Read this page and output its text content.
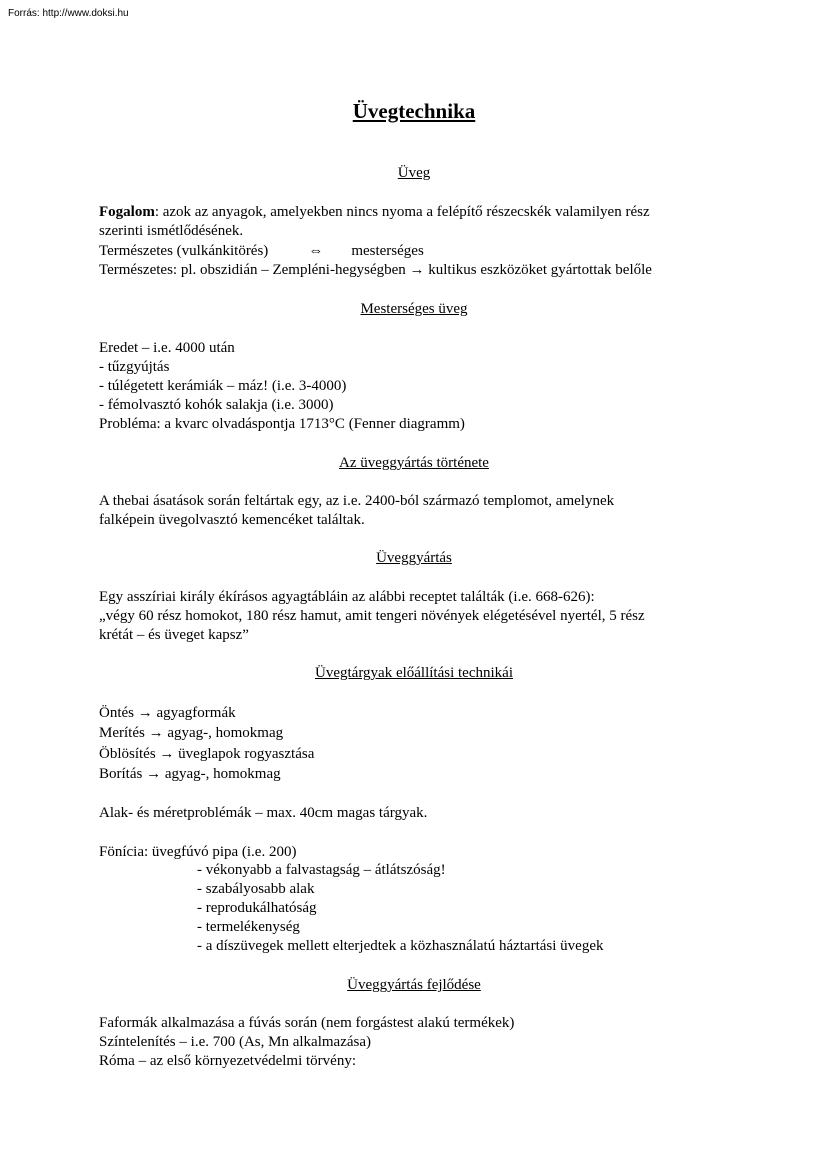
Forrás: http://www.doksi.hu
Üvegtechnika
Üveg
Fogalom: azok az anyagok, amelyekben nincs nyoma a felépítő részecskék valamilyen rész
szerinti ismétlődésének.
Természetes (vulkánkitörés)	⇔ mesterséges
Természetes: pl. obszidián – Zempléni-hegységben → kultikus eszközöket gyártottak belőle
Mesterséges üveg
Eredet – i.e. 4000 után
- tűzgyújtás
- túlégetett kerámiák – máz! (i.e. 3-4000)
- fémolvasztó kohók salakja (i.e. 3000)
Probléma: a kvarc olvadáspontja 1713°C (Fenner diagramm)
Az üveggyártás története
A thebai ásatások során feltártak egy, az i.e. 2400-ból származó templomot, amelynek
falképein üvegolvasztó kemencéket találtak.
Üveggyártás
Egy asszíriai király ékírásos agyagtábláin az alábbi receptet találták (i.e. 668-626):
„végy 60 rész homokot, 180 rész hamut, amit tengeri növények elégetésével nyertél, 5 rész
krétát – és üveget kapsz”
Üvegtárgyak előállítási technikái
Öntés → agyagformák
Merítés → agyag-, homokmag
Öblösítés → üveglapok rogyasztása
Borítás → agyag-, homokmag
Alak- és méretproblémák – max. 40cm magas tárgyak.
Föníciа: üvegfúvó pipa (i.e. 200)
- vékonyabb a falvastagság – átlátszóság!
- szabályosabb alak
- reprodukálhatóság
- termelékenység
- a díszüvegek mellett elterjedtek a közhasználatú háztartási üvegek
Üveggyártás fejlődése
Faformák alkalmazása a fúvás során (nem forgástest alakú termékek)
Színtelenítés – i.e. 700 (As, Mn alkalmazása)
Róma – az első környezetvédelmi törvény:
